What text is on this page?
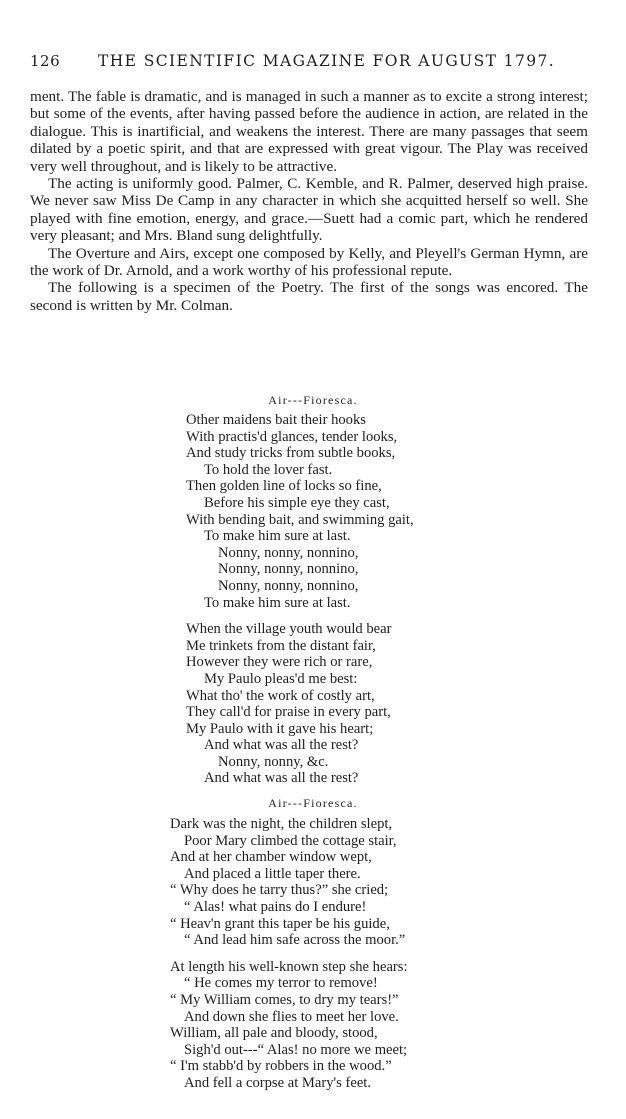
126 THE SCIENTIFIC MAGAZINE FOR AUGUST 1797.

ment. The fable is dramatic, and is managed in such a manner as to excite a strong interest; but some of the events, after having passed before the audience in action, are related in the dialogue. This is inartificial, and weakens the interest. There are many passages that seem dilated by a poetic spirit, and that are expressed with great vigour. The Play was received very well throughout, and is likely to be attractive.

The acting is uniformly good. Palmer, C. Kemble, and R. Palmer, deserved high praise. We never saw Miss De Camp in any character in which she acquitted herself so well. She played with fine emotion, energy, and grace.—Suett had a comic part, which he rendered very pleasant; and Mrs. Bland sung delightfully.

The Overture and Airs, except one composed by Kelly, and Pleyell's German Hymn, are the work of Dr. Arnold, and a work worthy of his professional repute.

The following is a specimen of the Poetry. The first of the songs was encored. The second is written by Mr. Colman.

Air---Fioresca.
Other maidens bait their hooks
With practis'd glances, tender looks,
And study tricks from subtle books,
To hold the lover fast.
Then golden line of locks so fine,
Before his simple eye they cast,
With bending bait, and swimming gait,
To make him sure at last.
Nonny, nonny, nonnino,
Nonny, nonny, nonnino,
Nonny, nonny, nonnino,
To make him sure at last.
When the village youth would bear
Me trinkets from the distant fair,
However they were rich or rare,
My Paulo pleas'd me best:
What tho' the work of costly art,
They call'd for praise in every part,
My Paulo with it gave his heart;
And what was all the rest?
Nonny, nonny, &c.
And what was all the rest?
Air---Fioresca.
Dark was the night, the children slept,
Poor Mary climbed the cottage stair,
And at her chamber window wept,
And placed a little taper there.
“ Why does he tarry thus?” she cried;
“ Alas! what pains do I endure!
“ Heav'n grant this taper be his guide,
“ And lead him safe across the moor.”
At length his well-known step she hears:
“ He comes my terror to remove!
“ My William comes, to dry my tears!”
And down she flies to meet her love.
William, all pale and bloody, stood,
Sigh'd out---“ Alas! no more we meet;
“ I'm stabb'd by robbers in the wood.”
And fell a corpse at Mary's feet.
